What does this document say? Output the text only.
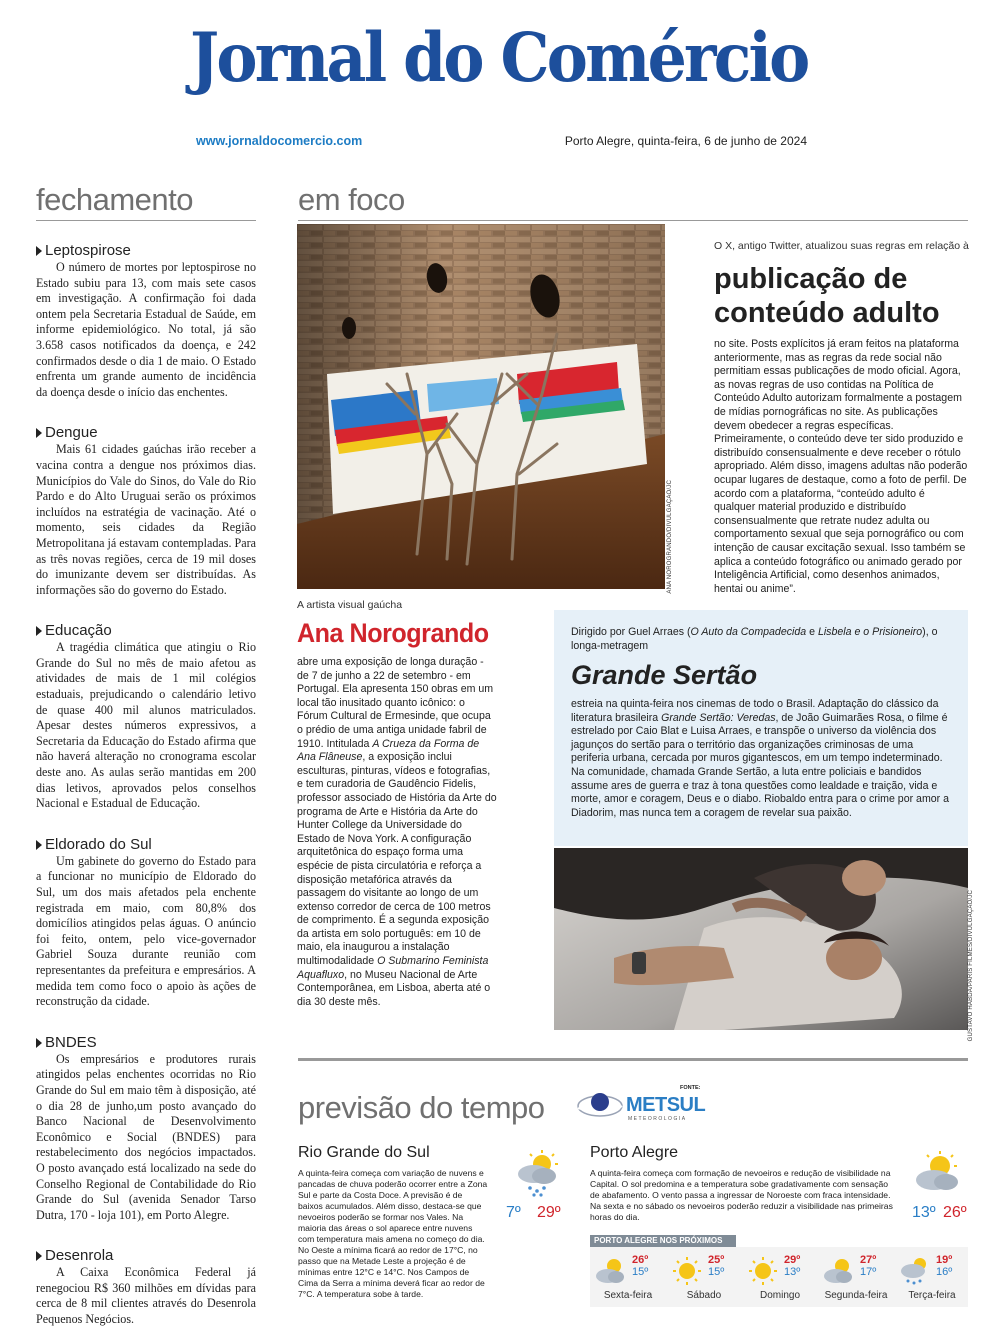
Jornal do Comércio
www.jornaldocomercio.com	Porto Alegre, quinta-feira, 6 de junho de 2024
fechamento
Leptospirose

O número de mortes por leptospirose no Estado subiu para 13, com mais sete casos em investigação. A confirmação foi dada ontem pela Secretaria Estadual de Saúde, em informe epidemiológico. No total, já são 3.658 casos notificados da doença, e 242 confirmados desde o dia 1 de maio. O Estado enfrenta um grande aumento de incidência da doença desde o início das enchentes.

Dengue

Mais 61 cidades gaúchas irão receber a vacina contra a dengue nos próximos dias. Municípios do Vale do Sinos, do Vale do Rio Pardo e do Alto Uruguai serão os próximos incluídos na estratégia de vacinação. Até o momento, seis cidades da Região Metropolitana já estavam contempladas. Para as três novas regiões, cerca de 19 mil doses do imunizante devem ser distribuídas. As informações são do governo do Estado.

Educação

A tragédia climática que atingiu o Rio Grande do Sul no mês de maio afetou as atividades de mais de 1 mil colégios estaduais, prejudicando o calendário letivo de quase 400 mil alunos matriculados. Apesar destes números expressivos, a Secretaria da Educação do Estado afirma que não haverá alteração no cronograma escolar deste ano. As aulas serão mantidas em 200 dias letivos, aprovados pelos conselhos Nacional e Estadual de Educação.

Eldorado do Sul

Um gabinete do governo do Estado para a funcionar no município de Eldorado do Sul, um dos mais afetados pela enchente registrada em maio, com 80,8% dos domicílios atingidos pelas águas. O anúncio foi feito, ontem, pelo vice-governador Gabriel Souza durante reunião com representantes da prefeitura e empresários. A medida tem como foco o apoio às ações de reconstrução da cidade.

BNDES

Os empresários e produtores rurais atingidos pelas enchentes ocorridas no Rio Grande do Sul em maio têm à disposição, até o dia 28 de junho,um posto avançado do Banco Nacional de Desenvolvimento Econômico e Social (BNDES) para restabelecimento dos negócios impactados. O posto avançado está localizado na sede do Conselho Regional de Contabilidade do Rio Grande do Sul (avenida Senador Tarso Dutra, 170 - loja 101), em Porto Alegre.

Desenrola

A Caixa Econômica Federal já renegociou R$ 360 milhões em dívidas para cerca de 8 mil clientes através do Desenrola Pequenos Negócios.

em foco
ANA NOROGRANDO/DIVULGAÇÃO/JC
O X, antigo Twitter, atualizou suas regras em relação à
publicação de conteúdo adulto

no site. Posts explícitos já eram feitos na plataforma anteriormente, mas as regras da rede social não permitiam essas publicações de modo oficial. Agora, as novas regras de uso contidas na Política de Conteúdo Adulto autorizam formalmente a postagem de mídias pornográficas no site. As publicações devem obedecer a regras específicas. Primeiramente, o conteúdo deve ter sido produzido e distribuído consensualmente e deve receber o rótulo apropriado. Além disso, imagens adultas não poderão ocupar lugares de destaque, como a foto de perfil. De acordo com a plataforma, “conteúdo adulto é qualquer material produzido e distribuído consensualmente que retrate nudez adulta ou comportamento sexual que seja pornográfico ou com intenção de causar excitação sexual. Isso também se aplica a conteúdo fotográfico ou animado gerado por Inteligência Artificial, como desenhos animados, hentai ou anime”.

A artista visual gaúcha
Ana Norogrando

abre uma exposição de longa duração - de 7 de junho a 22 de setembro - em Portugal. Ela apresenta 150 obras em um local tão inusitado quanto icônico: o Fórum Cultural de Ermesinde, que ocupa o prédio de uma antiga unidade fabril de 1910. Intitulada A Crueza da Forma de Ana Flâneuse, a exposição inclui esculturas, pinturas, vídeos e fotografias, e tem curadoria de Gaudêncio Fidelis, professor associado de História da Arte do programa de Arte e História da Arte do Hunter College da Universidade do Estado de Nova York. A configuração arquitetônica do espaço forma uma espécie de pista circulatória e reforça a disposição metafórica através da passagem do visitante ao longo de um extenso corredor de cerca de 100 metros de comprimento. É a segunda exposição da artista em solo português: em 10 de maio, ela inaugurou a instalação multimodalidade O Submarino Feminista Aquafluxo, no Museu Nacional de Arte Contemporânea, em Lisboa, aberta até o dia 30 deste mês.

Dirigido por Guel Arraes (O Auto da Compadecida e Lisbela e o Prisioneiro), o longa-metragem

Grande Sertão

estreia na quinta-feira nos cinemas de todo o Brasil. Adaptação do clássico da literatura brasileira Grande Sertão: Veredas, de João Guimarães Rosa, o filme é estrelado por Caio Blat e Luisa Arraes, e transpõe o universo da violência dos jagunços do sertão para o território das organizações criminosas de uma periferia urbana, cercada por muros gigantescos, em um tempo indeterminado. Na comunidade, chamada Grande Sertão, a luta entre policiais e bandidos assume ares de guerra e traz à tona questões como lealdade e traição, vida e morte, amor e coragem, Deus e o diabo. Riobaldo entra para o crime por amor a Diadorim, mas nunca tem a coragem de revelar sua paixão.

GUSTAVO HABDA/PARIS FILMES/DIVULGAÇÃO/JC
previsão do tempo
FONTE:
METSUL
METEOROLOGIA
Rio Grande do Sul

A quinta-feira começa com variação de nuvens e pancadas de chuva poderão ocorrer entre a Zona Sul e parte da Costa Doce. A previsão é de baixos acumulados. Além disso, destaca-se que nevoeiros poderão se formar nos Vales. Na maioria das áreas o sol aparece entre nuvens com temperatura mais amena no começo do dia. No Oeste a mínima ficará ao redor de 17°C, no passo que na Metade Leste a projeção é de mínimas entre 12°C e 14°C. Nos Campos de Cima da Serra a mínima deverá ficar ao redor de 7°C. A temperatura sobe à tarde.

7º 29º
Porto Alegre

A quinta-feira começa com formação de nevoeiros e redução de visibilidade na Capital. O sol predomina e a temperatura sobe gradativamente com sensação de abafamento. O vento passa a ingressar de Noroeste com fraca intensidade. Na sexta e no sábado os nevoeiros poderão reduzir a visibilidade nas primeiras horas do dia.	13º 26º
PORTO ALEGRE NOS PRÓXIMOS
26º
15º
Sexta-feira
25º
15º
Sábado
29º
13º
Domingo
27º
17º
Segunda-feira
19º
16º
Terça-feira
